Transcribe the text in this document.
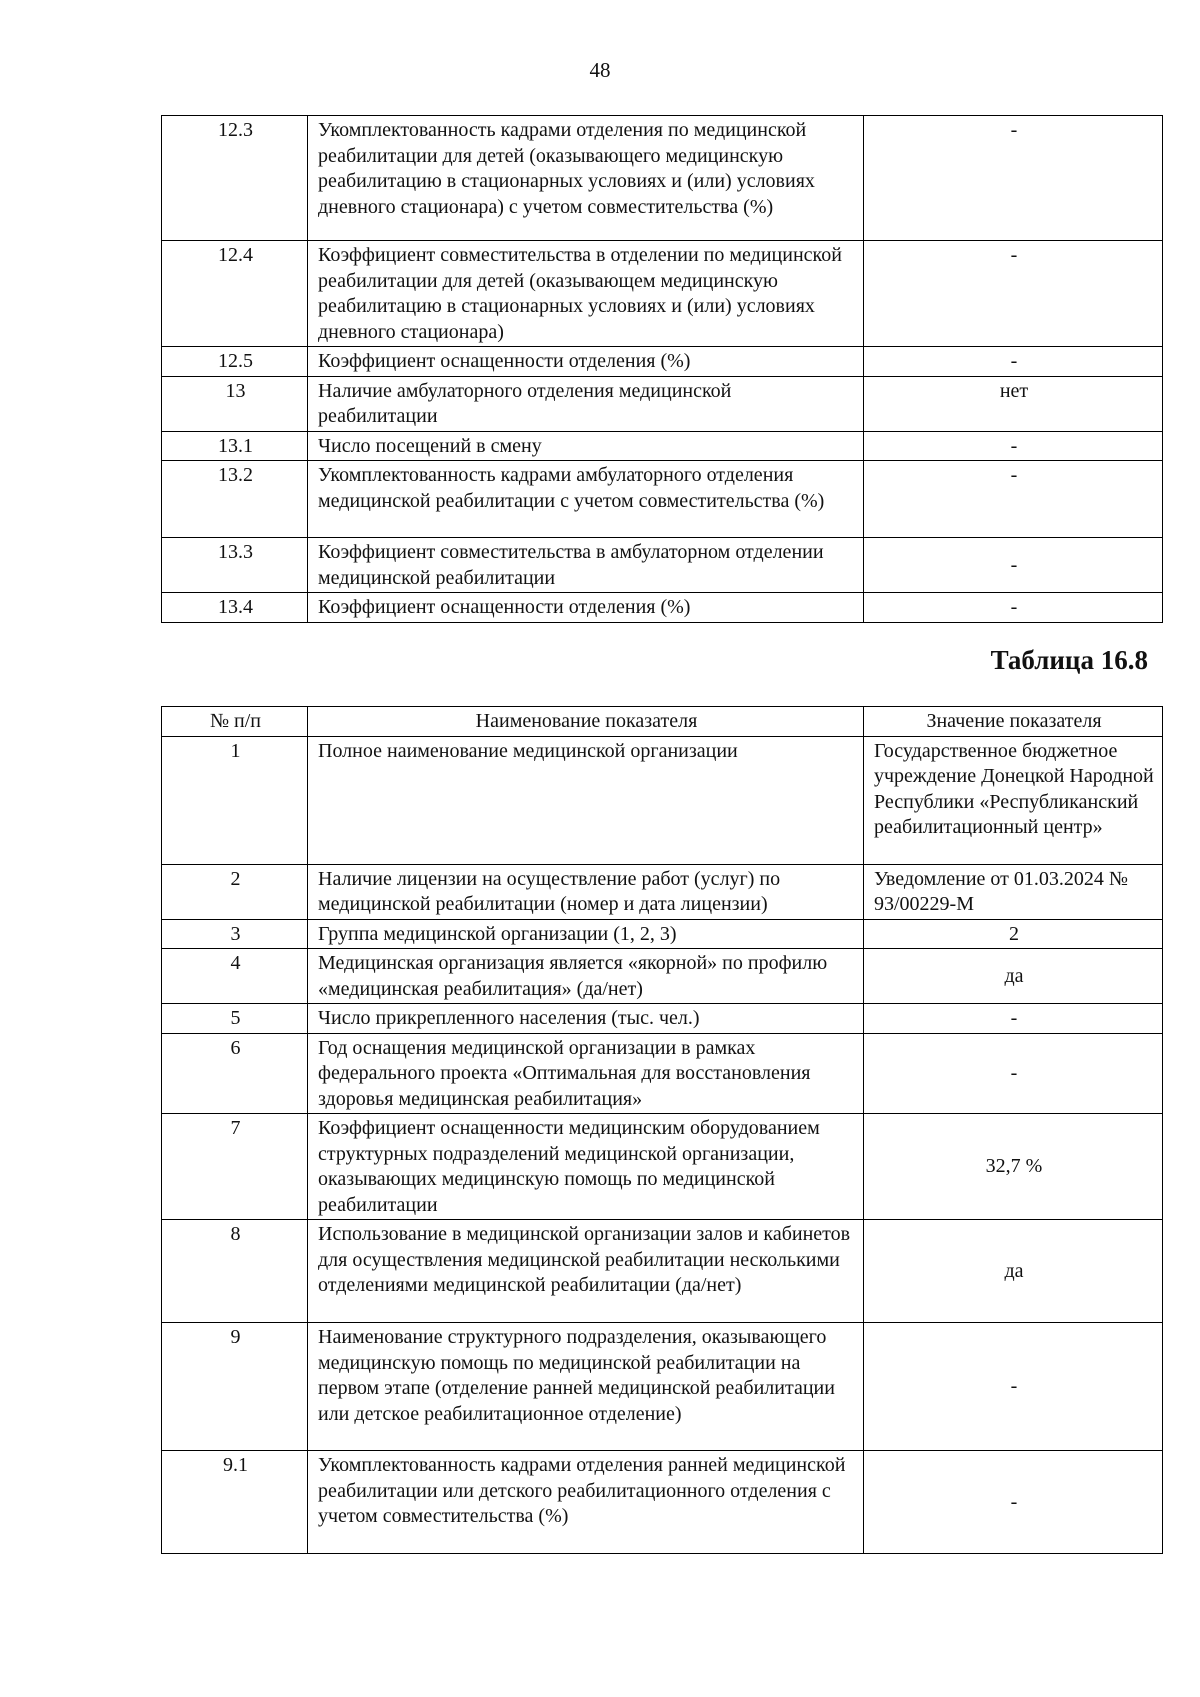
48
12.3	Укомплектованность кадрами отделения по медицинской реабилитации для детей (оказывающего медицинскую реабилитацию в стационарных условиях и (или) условиях дневного стационара) с учетом совместительства (%)	-
12.4	Коэффициент совместительства в отделении по медицинской реабилитации для детей (оказывающем медицинскую реабилитацию в стационарных условиях и (или) условиях дневного стационара)	-
12.5	Коэффициент оснащенности отделения (%)	-
13	Наличие амбулаторного отделения медицинской реабилитации	нет
13.1	Число посещений в смену	-
13.2	Укомплектованность кадрами амбулаторного отделения медицинской реабилитации с учетом совместительства (%)	-
13.3	Коэффициент совместительства в амбулаторном отделении медицинской реабилитации	-
13.4	Коэффициент оснащенности отделения (%)	-
Таблица 16.8
№ п/п	Наименование показателя	Значение показателя
1	Полное наименование медицинской организации	Государственное бюджетное учреждение Донецкой Народной Республики «Республиканский реабилитационный центр»
2	Наличие лицензии на осуществление работ (услуг) по медицинской реабилитации (номер и дата лицензии)	Уведомление от 01.03.2024 № 93/00229-М
3	Группа медицинской организации (1, 2, 3)	2
4	Медицинская организация является «якорной» по профилю «медицинская реабилитация» (да/нет)	да
5	Число прикрепленного населения (тыс. чел.)	-
6	Год оснащения медицинской организации в рамках федерального проекта «Оптимальная для восстановления здоровья медицинская реабилитация»	-
7	Коэффициент оснащенности медицинским оборудованием структурных подразделений медицинской организации, оказывающих медицинскую помощь по медицинской реабилитации	32,7 %
8	Использование в медицинской организации залов и кабинетов для осуществления медицинской реабилитации несколькими отделениями медицинской реабилитации (да/нет)	да
9	Наименование структурного подразделения, оказывающего медицинскую помощь по медицинской реабилитации на первом этапе (отделение ранней медицинской реабилитации или детское реабилитационное отделение)	-
9.1	Укомплектованность кадрами отделения ранней медицинской реабилитации или детского реабилитационного отделения с учетом совместительства (%)	-
